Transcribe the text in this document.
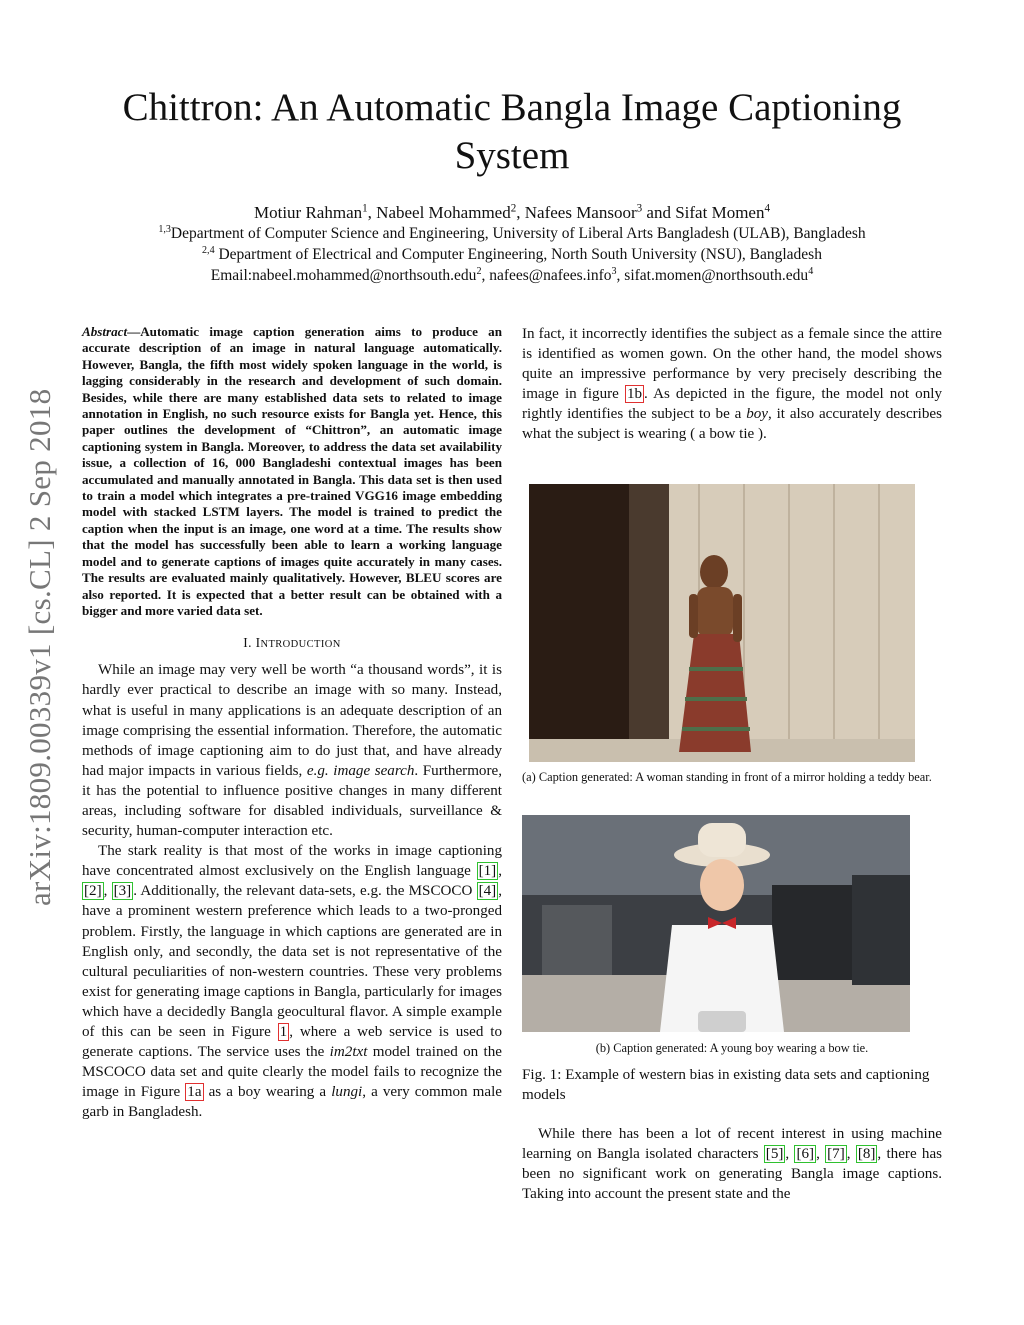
arXiv:1809.00339v1 [cs.CL] 2 Sep 2018
Chittron: An Automatic Bangla Image Captioning System
Motiur Rahman$^1$, Nabeel Mohammed$^2$, Nafees Mansoor$^3$ and Sifat Momen$^4$
$^{1,3}$Department of Computer Science and Engineering, University of Liberal Arts Bangladesh (ULAB), Bangladesh
$^{2,4}$ Department of Electrical and Computer Engineering, North South University (NSU), Bangladesh
Email:nabeel.mohammed@northsouth.edu$^2$, nafees@nafees.info$^3$, sifat.momen@northsouth.edu$^4$

Abstract—Automatic image caption generation aims to produce an accurate description of an image in natural language automatically. However, Bangla, the fifth most widely spoken language in the world, is lagging considerably in the research and development of such domain. Besides, while there are many established data sets to related to image annotation in English, no such resource exists for Bangla yet. Hence, this paper outlines the development of “Chittron”, an automatic image captioning system in Bangla. Moreover, to address the data set availability issue, a collection of 16, 000 Bangladeshi contextual images has been accumulated and manually annotated in Bangla. This data set is then used to train a model which integrates a pre-trained VGG16 image embedding model with stacked LSTM layers. The model is trained to predict the caption when the input is an image, one word at a time. The results show that the model has successfully been able to learn a working language model and to generate captions of images quite accurately in many cases. The results are evaluated mainly qualitatively. However, BLEU scores are also reported. It is expected that a better result can be obtained with a bigger and more varied data set.

I. INTRODUCTION

While an image may very well be worth “a thousand words”, it is hardly ever practical to describe an image with so many. Instead, what is useful in many applications is an adequate description of an image comprising the essential information. Therefore, the automatic methods of image captioning aim to do just that, and have already had major impacts in various fields, e.g. image search. Furthermore, it has the potential to influence positive changes in many different areas, including software for disabled individuals, surveillance & security, human-computer interaction etc.

The stark reality is that most of the works in image captioning have concentrated almost exclusively on the English language [1] , [2] , [3] . Additionally, the relevant data-sets, e.g. the MSCOCO [4] , have a prominent western preference which leads to a two-pronged problem. Firstly, the language in which captions are generated are in English only, and secondly, the data set is not representative of the cultural peculiarities of non-western countries. These very problems exist for generating image captions in Bangla, particularly for images which have a decidedly Bangla geocultural flavor. A simple example of this can be seen in Figure 1 , where a web service is used to generate captions. The service uses the im2txt model trained on the MSCOCO data set and quite clearly the model fails to recognize the image in Figure 1a as a boy wearing a lungi, a very common male garb in Bangladesh.

In fact, it incorrectly identifies the subject as a female since the attire is identified as women gown. On the other hand, the model shows quite an impressive performance by very precisely describing the image in figure 1b . As depicted in the figure, the model not only rightly identifies the subject to be a boy, it also accurately describes what the subject is wearing ( a bow tie ).

(a) Caption generated: A woman standing in front of a mirror holding a teddy bear.
(b) Caption generated: A young boy wearing a bow tie.
Fig. 1: Example of western bias in existing data sets and captioning models

While there has been a lot of recent interest in using machine learning on Bangla isolated characters [5] , [6] , [7] , [8] , there has been no significant work on generating Bangla image captions. Taking into account the present state and the
